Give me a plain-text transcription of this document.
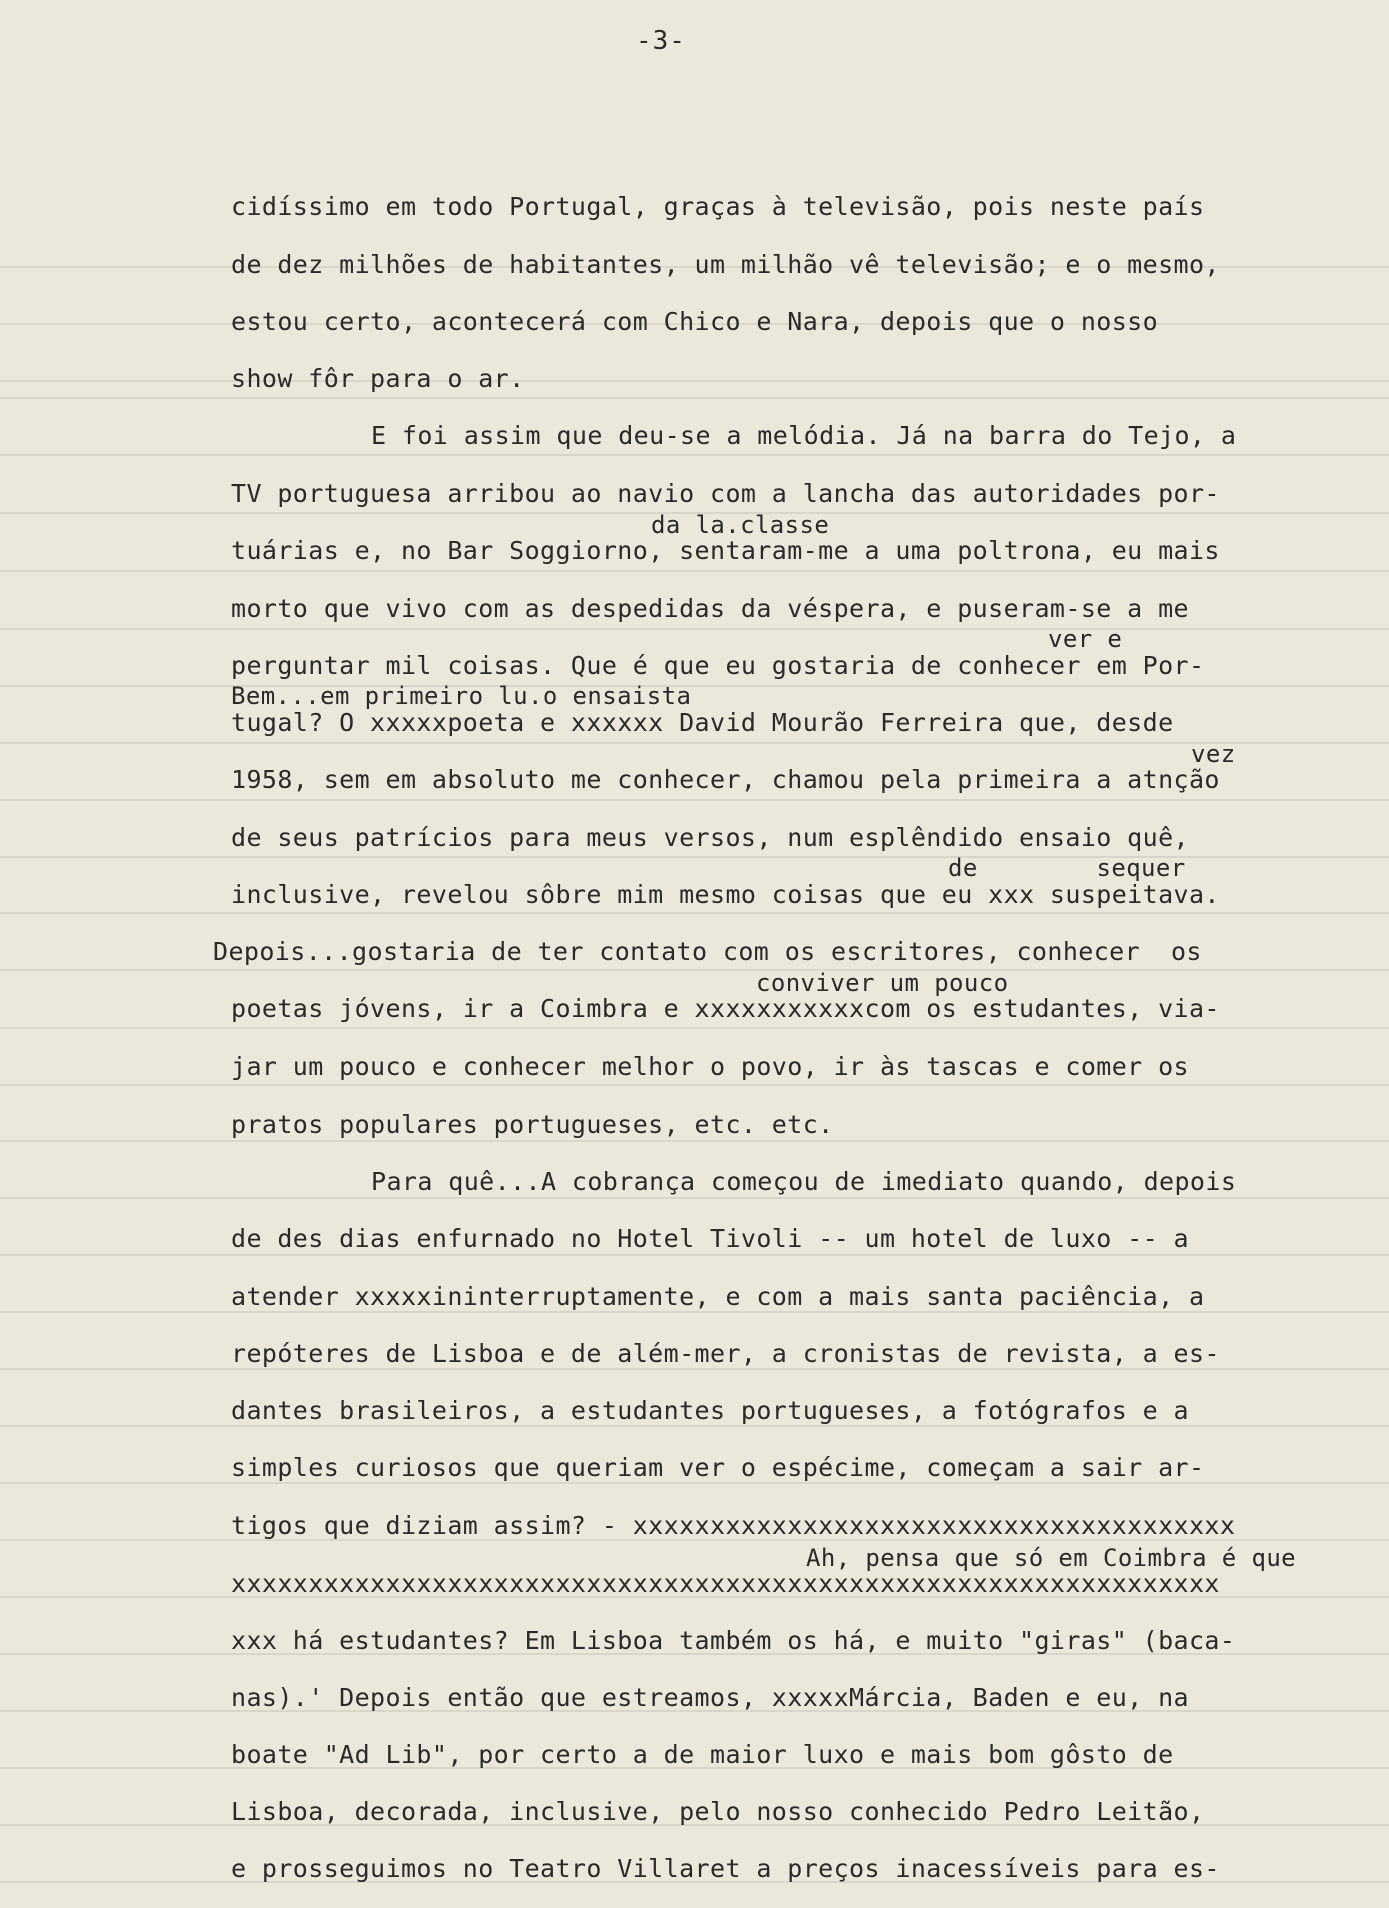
-3-
cidíssimo em todo Portugal, graças à televisão, pois neste país
de dez milhões de habitantes, um milhão vê televisão; e o mesmo,
estou certo, acontecerá com Chico e Nara, depois que o nosso
show fôr para o ar.
E foi assim que deu-se a melódia. Já na barra do Tejo, a
TV portuguesa arribou ao navio com a lancha das autoridades por-
da la.classe
tuárias e, no Bar Soggiorno, sentaram-me a uma poltrona, eu mais
morto que vivo com as despedidas da véspera, e puseram-se a me
ver e
perguntar mil coisas. Que é que eu gostaria de conhecer em Por-
Bem...em primeiro lu.o ensaista
tugal? O xxxxxpoeta e xxxxxx David Mourão Ferreira que, desde
vez
1958, sem em absoluto me conhecer, chamou pela primeira a atnção
de seus patrícios para meus versos, num esplêndido ensaio quê,
de        sequer
inclusive, revelou sôbre mim mesmo coisas que eu xxx suspeitava.
Depois...gostaria de ter contato com os escritores, conhecer  os
conviver um pouco
poetas jóvens, ir a Coimbra e xxxxxxxxxxxcom os estudantes, via-
jar um pouco e conhecer melhor o povo, ir às tascas e comer os
pratos populares portugueses, etc. etc.
Para quê...A cobrança começou de imediato quando, depois
de des dias enfurnado no Hotel Tivoli -- um hotel de luxo -- a
atender xxxxxininterruptamente, e com a mais santa paciência, a
repóteres de Lisboa e de além-mer, a cronistas de revista, a es-
dantes brasileiros, a estudantes portugueses, a fotógrafos e a
simples curiosos que queriam ver o espécime, começam a sair ar-
tigos que diziam assim? - xxxxxxxxxxxxxxxxxxxxxxxxxxxxxxxxxxxxxxx
Ah, pensa que só em Coimbra é que
xxxxxxxxxxxxxxxxxxxxxxxxxxxxxxxxxxxxxxxxxxxxxxxxxxxxxxxxxxxxxxxx
xxx há estudantes? Em Lisboa também os há, e muito "giras" (baca-
nas).' Depois então que estreamos, xxxxxMárcia, Baden e eu, na
boate "Ad Lib", por certo a de maior luxo e mais bom gôsto de
Lisboa, decorada, inclusive, pelo nosso conhecido Pedro Leitão,
e prosseguimos no Teatro Villaret a preços inacessíveis para es-
